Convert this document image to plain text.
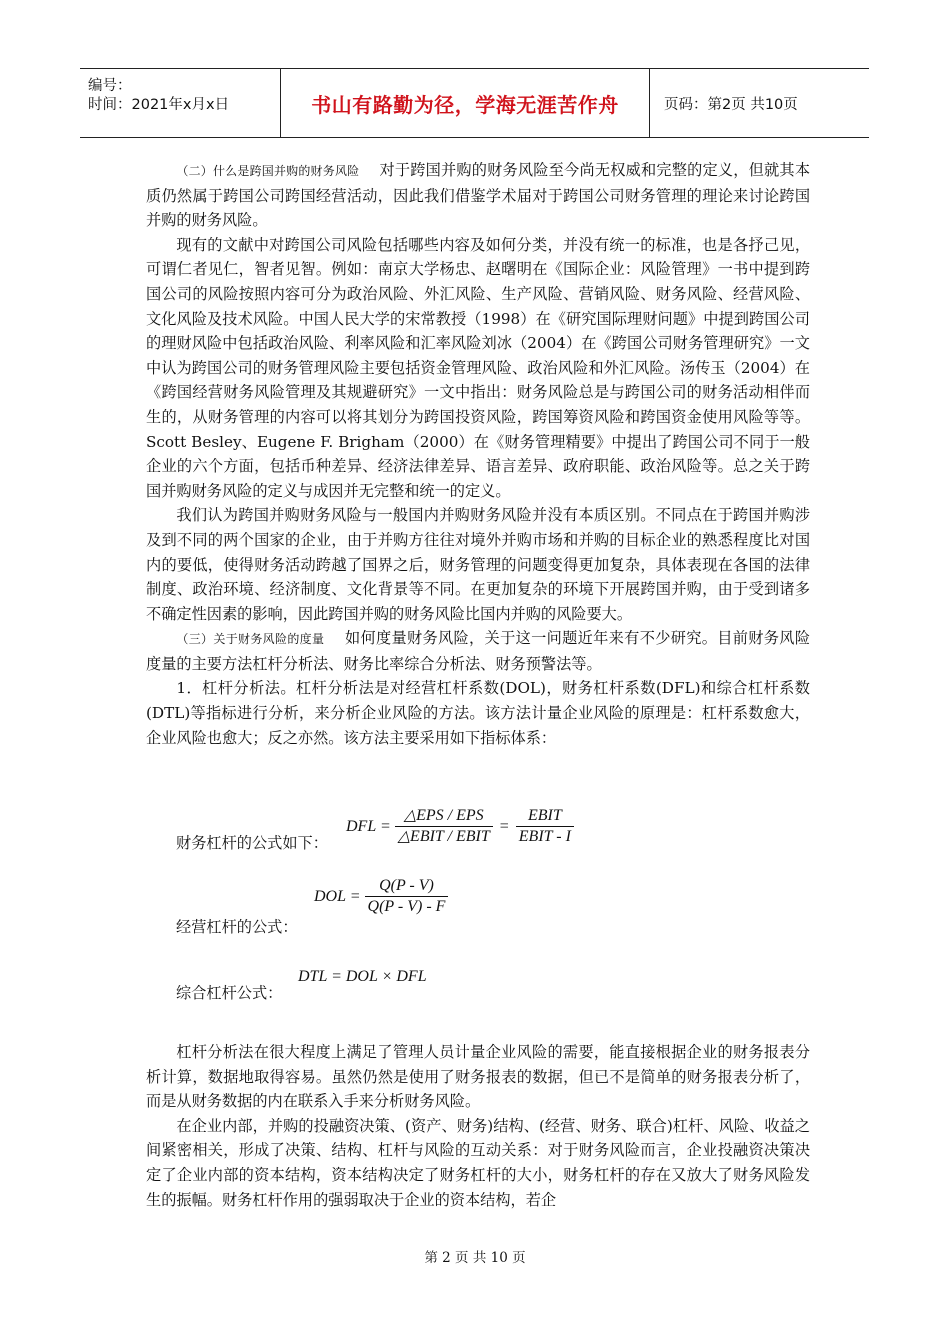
编号：
时间：2021年x月x日	书山有路勤为径，学海无涯苦作舟	页码：第2页 共10页

（二）什么是跨国并购的财务风险 对于跨国并购的财务风险至今尚无权威和完整的定义，但就其本质仍然属于跨国公司跨国经营活动，因此我们借鉴学术届对于跨国公司财务管理的理论来讨论跨国并购的财务风险。

现有的文献中对跨国公司风险包括哪些内容及如何分类，并没有统一的标准，也是各抒己见，可谓仁者见仁，智者见智。例如：南京大学杨忠、赵曙明在《国际企业：风险管理》一书中提到跨国公司的风险按照内容可分为政治风险、外汇风险、生产风险、营销风险、财务风险、经营风险、文化风险及技术风险。中国人民大学的宋常教授（1998）在《研究国际理财问题》中提到跨国公司的理财风险中包括政治风险、利率风险和汇率风险刘冰（2004）在《跨国公司财务管理研究》一文中认为跨国公司的财务管理风险主要包括资金管理风险、政治风险和外汇风险。汤传玉（2004）在《跨国经营财务风险管理及其规避研究》一文中指出：财务风险总是与跨国公司的财务活动相伴而生的，从财务管理的内容可以将其划分为跨国投资风险，跨国筹资风险和跨国资金使用风险等等。Scott Besley、Eugene F. Brigham（2000）在《财务管理精要》中提出了跨国公司不同于一般企业的六个方面，包括币种差异、经济法律差异、语言差异、政府职能、政治风险等。总之关于跨国并购财务风险的定义与成因并无完整和统一的定义。

我们认为跨国并购财务风险与一般国内并购财务风险并没有本质区别。不同点在于跨国并购涉及到不同的两个国家的企业，由于并购方往往对境外并购市场和并购的目标企业的熟悉程度比对国内的要低，使得财务活动跨越了国界之后，财务管理的问题变得更加复杂，具体表现在各国的法律制度、政治环境、经济制度、文化背景等不同。在更加复杂的环境下开展跨国并购，由于受到诸多不确定性因素的影响，因此跨国并购的财务风险比国内并购的风险要大。

（三）关于财务风险的度量 如何度量财务风险，关于这一问题近年来有不少研究。目前财务风险度量的主要方法杠杆分析法、财务比率综合分析法、财务预警法等。

1．杠杆分析法。杠杆分析法是对经营杠杆系数(DOL)，财务杠杆系数(DFL)和综合杠杆系数(DTL)等指标进行分析，来分析企业风险的方法。该方法计量企业风险的原理是：杠杆系数愈大，企业风险也愈大；反之亦然。该方法主要采用如下指标体系：

DFL = $\frac{\text{△EPS / EPS}}{\text{△EBIT / EBIT}} = \frac{\text{EBIT}}{\text{EBIT - I}}$
财务杠杆的公式如下：
DOL = $\frac{Q(P - V)}{Q(P - V) - F}$
经营杠杆的公式：
DTL = DOL × DFL
综合杠杆公式：

杠杆分析法在很大程度上满足了管理人员计量企业风险的需要，能直接根据企业的财务报表分析计算，数据地取得容易。虽然仍然是使用了财务报表的数据，但已不是简单的财务报表分析了，而是从财务数据的内在联系入手来分析财务风险。

在企业内部，并购的投融资决策、(资产、财务)结构、(经营、财务、联合)杠杆、风险、收益之间紧密相关，形成了决策、结构、杠杆与风险的互动关系：对于财务风险而言，企业投融资决策决定了企业内部的资本结构，资本结构决定了财务杠杆的大小，财务杠杆的存在又放大了财务风险发生的振幅。财务杠杆作用的强弱取决于企业的资本结构，若企

第 2 页 共 10 页
